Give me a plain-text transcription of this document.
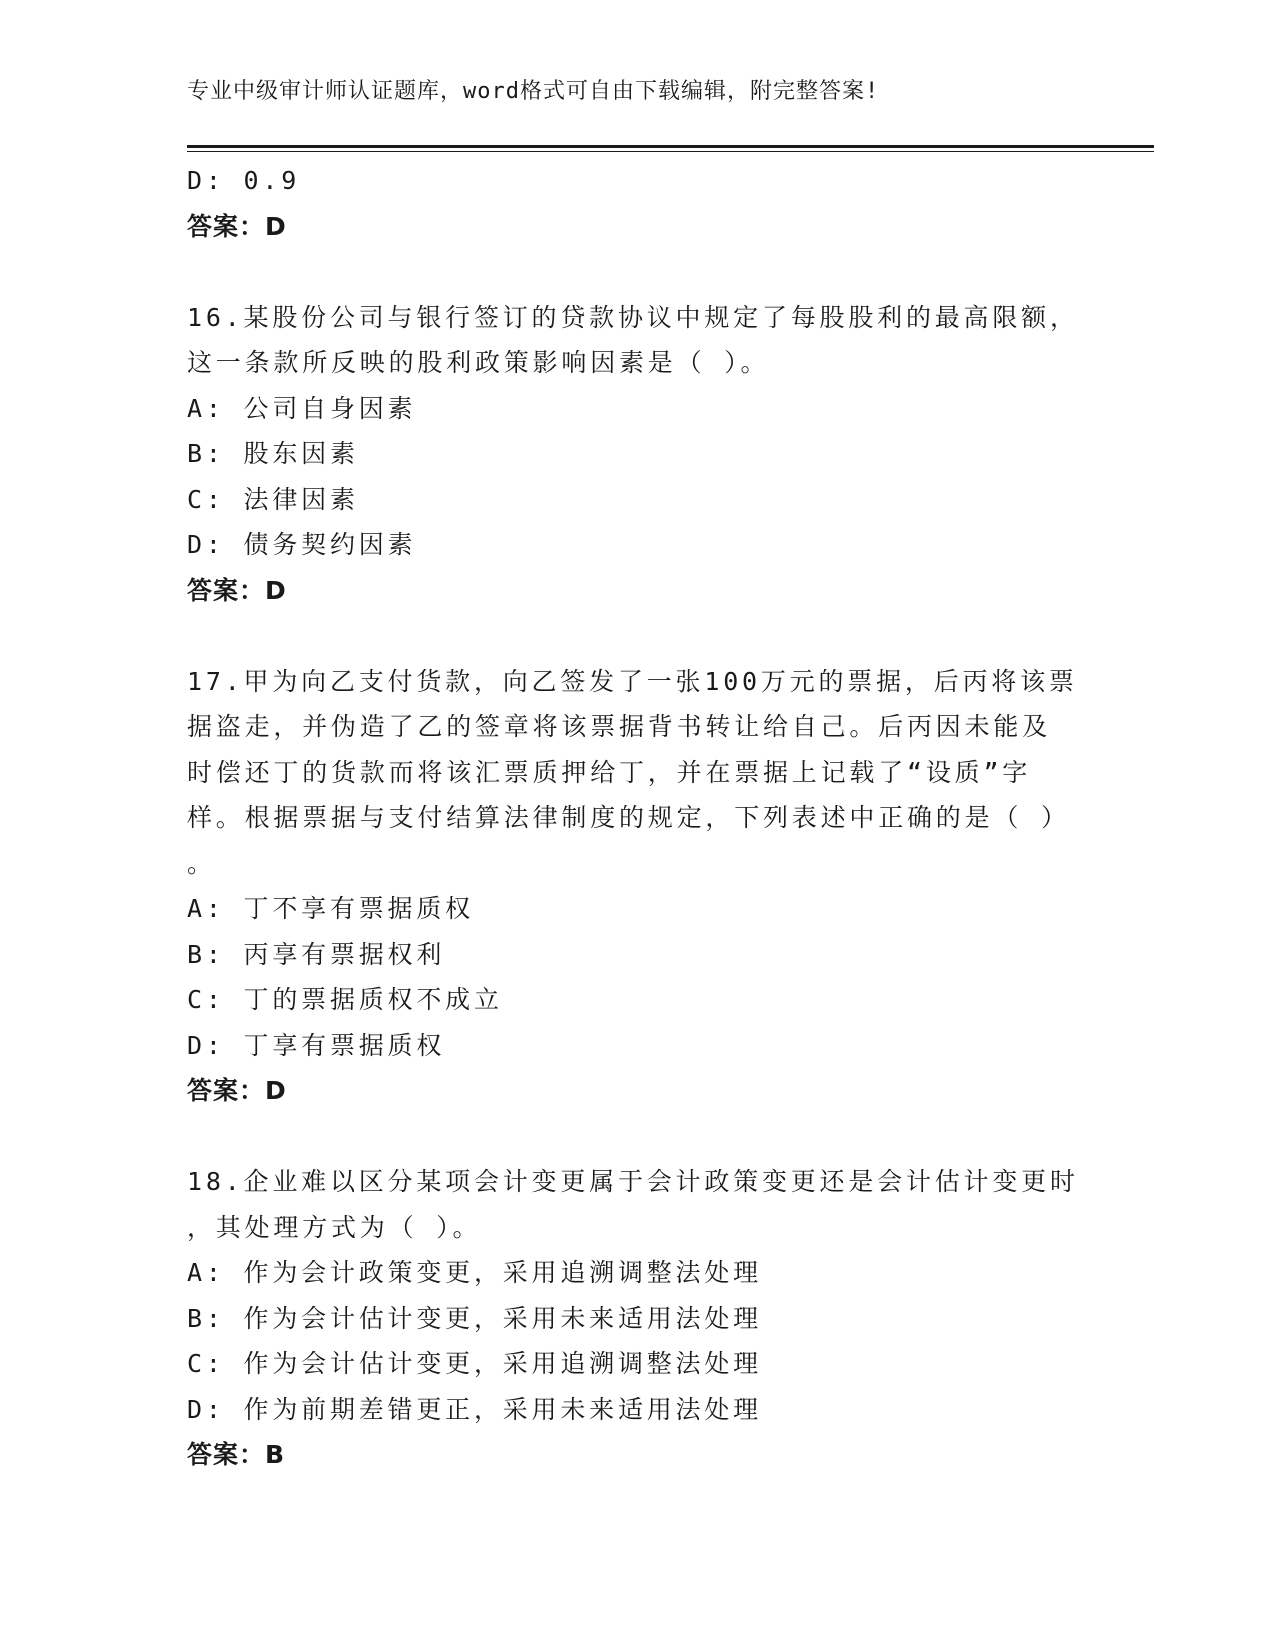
专业中级审计师认证题库，word格式可自由下载编辑，附完整答案!
D: 0.9
答案：D
16.某股份公司与银行签订的贷款协议中规定了每股股利的最高限额，
这一条款所反映的股利政策影响因素是（ ）。
A: 公司自身因素
B: 股东因素
C: 法律因素
D: 债务契约因素
答案：D
17.甲为向乙支付货款，向乙签发了一张100万元的票据，后丙将该票
据盗走，并伪造了乙的签章将该票据背书转让给自己。后丙因未能及
时偿还丁的货款而将该汇票质押给丁，并在票据上记载了“设质”字
样。根据票据与支付结算法律制度的规定，下列表述中正确的是（ ）
。
A: 丁不享有票据质权
B: 丙享有票据权利
C: 丁的票据质权不成立
D: 丁享有票据质权
答案：D
18.企业难以区分某项会计变更属于会计政策变更还是会计估计变更时
，其处理方式为（ ）。
A: 作为会计政策变更，采用追溯调整法处理
B: 作为会计估计变更，采用未来适用法处理
C: 作为会计估计变更，采用追溯调整法处理
D: 作为前期差错更正，采用未来适用法处理
答案：B
